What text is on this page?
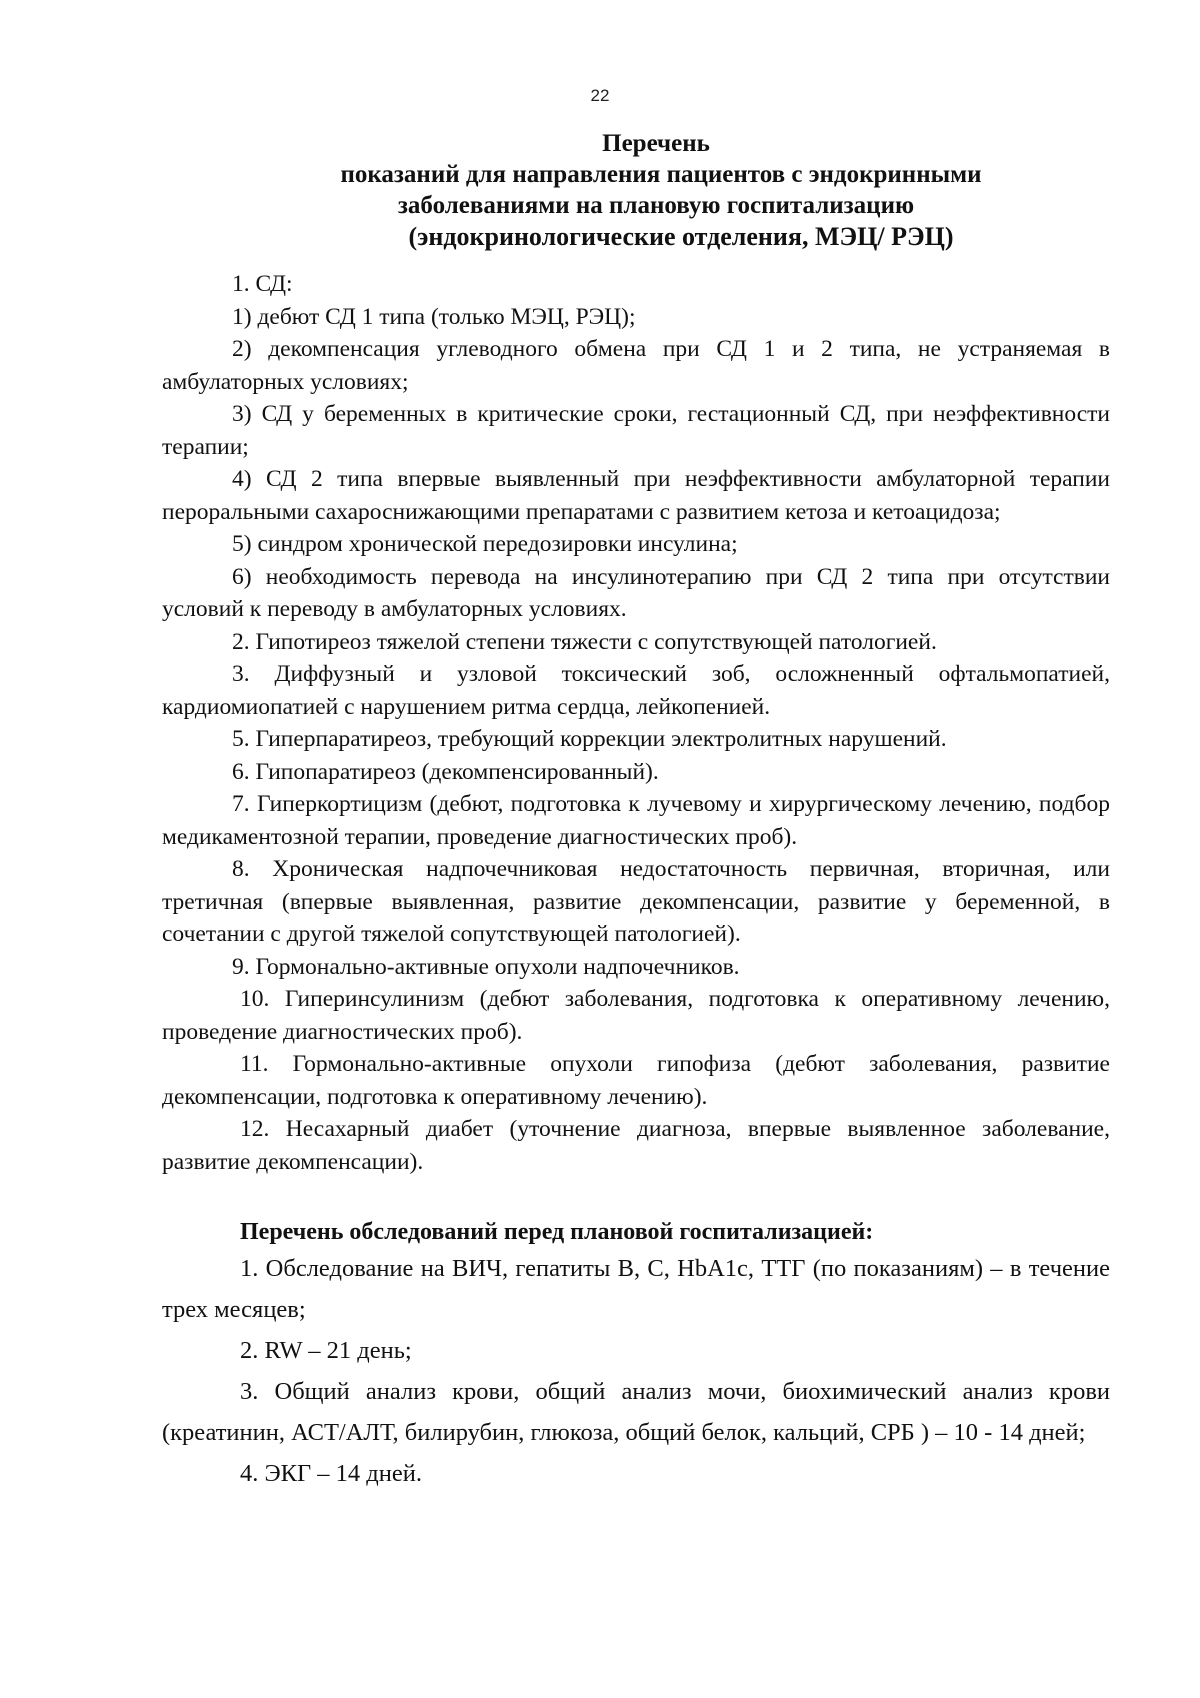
22
Перечень
показаний для направления пациентов с эндокринными
заболеваниями на плановую госпитализацию
(эндокринологические отделения, МЭЦ/ РЭЦ)

1. СД:

1) дебют СД 1 типа (только МЭЦ, РЭЦ);

2) декомпенсация углеводного обмена при СД 1 и 2 типа, не устраняемая в амбулаторных условиях;

3) СД у беременных в критические сроки, гестационный СД, при неэффективности терапии;

4) СД 2 типа впервые выявленный при неэффективности амбулаторной терапии пероральными сахароснижающими препаратами с развитием кетоза и кетоацидоза;

5) синдром хронической передозировки инсулина;

6) необходимость перевода на инсулинотерапию при СД 2 типа при отсутствии условий к переводу в амбулаторных условиях.

2. Гипотиреоз тяжелой степени тяжести с сопутствующей патологией.

3. Диффузный и узловой токсический зоб, осложненный офтальмопатией, кардиомиопатией с нарушением ритма сердца, лейкопенией.

5. Гиперпаратиреоз, требующий коррекции электролитных нарушений.

6. Гипопаратиреоз (декомпенсированный).

7. Гиперкортицизм (дебют, подготовка к лучевому и хирургическому лечению, подбор медикаментозной терапии, проведение диагностических проб).

8. Хроническая надпочечниковая недостаточность первичная, вторичная, или третичная (впервые выявленная, развитие декомпенсации, развитие у беременной, в сочетании с другой тяжелой сопутствующей патологией).

9. Гормонально-активные опухоли надпочечников.

10. Гиперинсулинизм (дебют заболевания, подготовка к оперативному лечению, проведение диагностических проб).

11. Гормонально-активные опухоли гипофиза (дебют заболевания, развитие декомпенсации, подготовка к оперативному лечению).

12. Несахарный диабет (уточнение диагноза, впервые выявленное заболевание, развитие декомпенсации).

Перечень обследований перед плановой госпитализацией:

1. Обследование на ВИЧ, гепатиты В, С, HbA1c, ТТГ (по показаниям) – в течение трех месяцев;

2. RW – 21 день;

3. Общий анализ крови, общий анализ мочи, биохимический анализ крови (креатинин, АСТ/АЛТ, билирубин, глюкоза, общий белок, кальций, СРБ ) – 10 - 14 дней;

4. ЭКГ – 14 дней.
